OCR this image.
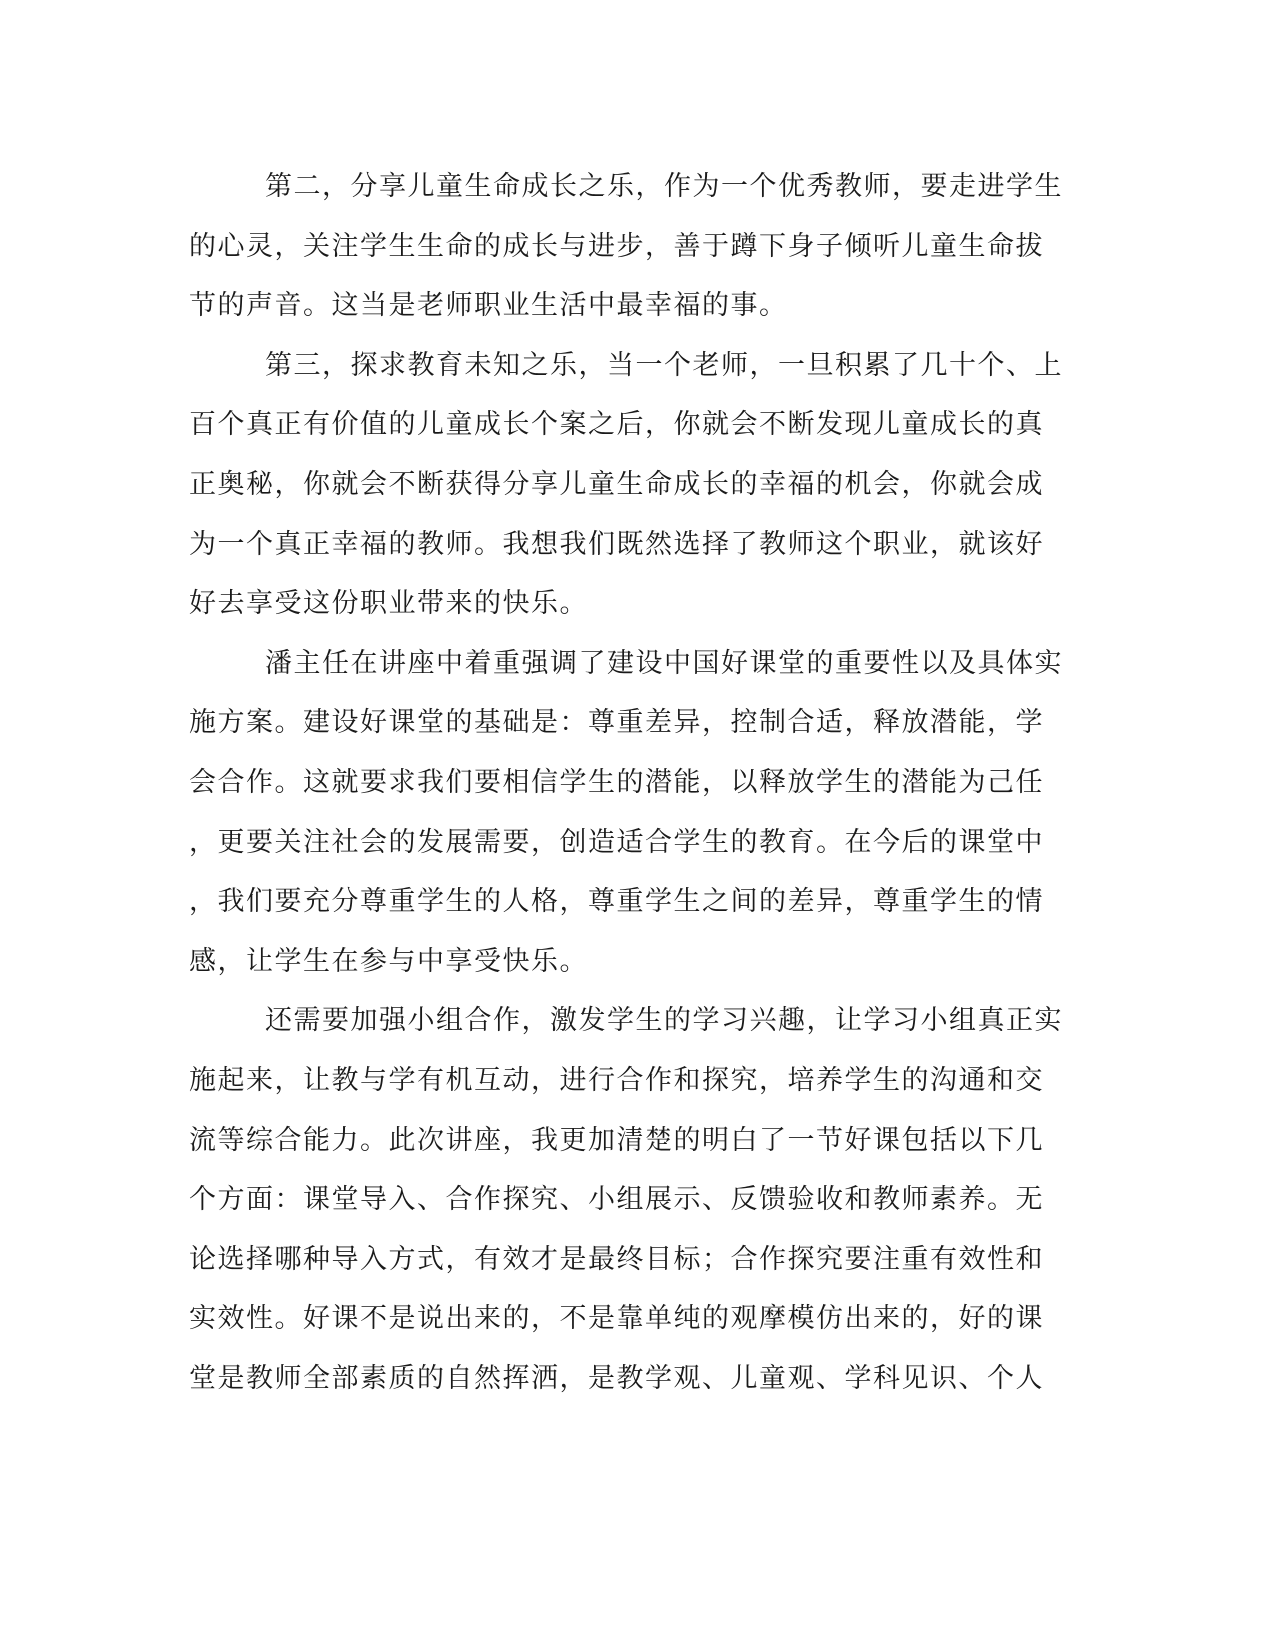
第二，分享儿童生命成长之乐，作为一个优秀教师，要走进学生
的心灵，关注学生生命的成长与进步，善于蹲下身子倾听儿童生命拔
节的声音。这当是老师职业生活中最幸福的事。
第三，探求教育未知之乐，当一个老师，一旦积累了几十个、上
百个真正有价值的儿童成长个案之后，你就会不断发现儿童成长的真
正奥秘，你就会不断获得分享儿童生命成长的幸福的机会，你就会成
为一个真正幸福的教师。我想我们既然选择了教师这个职业，就该好
好去享受这份职业带来的快乐。
潘主任在讲座中着重强调了建设中国好课堂的重要性以及具体实
施方案。建设好课堂的基础是：尊重差异，控制合适，释放潜能，学
会合作。这就要求我们要相信学生的潜能，以释放学生的潜能为己任
，更要关注社会的发展需要，创造适合学生的教育。在今后的课堂中
，我们要充分尊重学生的人格，尊重学生之间的差异，尊重学生的情
感，让学生在参与中享受快乐。
还需要加强小组合作，激发学生的学习兴趣，让学习小组真正实
施起来，让教与学有机互动，进行合作和探究，培养学生的沟通和交
流等综合能力。此次讲座，我更加清楚的明白了一节好课包括以下几
个方面：课堂导入、合作探究、小组展示、反馈验收和教师素养。无
论选择哪种导入方式，有效才是最终目标；合作探究要注重有效性和
实效性。好课不是说出来的，不是靠单纯的观摩模仿出来的，好的课
堂是教师全部素质的自然挥洒，是教学观、儿童观、学科见识、个人
